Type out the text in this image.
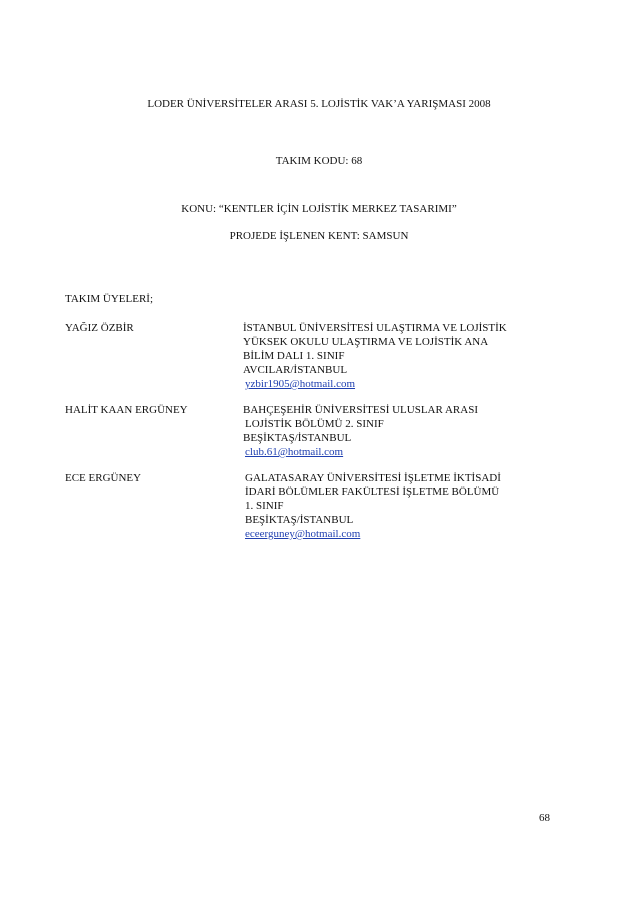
LODER ÜNİVERSİTELER ARASI 5. LOJİSTİK VAK’A YARIŞMASI 2008
TAKIM KODU: 68
KONU: “KENTLER İÇİN LOJİSTİK MERKEZ TASARIMI”
PROJEDE İŞLENEN KENT: SAMSUN
TAKIM ÜYELERİ;
YAĞIZ ÖZBİR	İSTANBUL ÜNİVERSİTESİ ULAŞTIRMA VE LOJİSTİK
YÜKSEK OKULU ULAŞTIRMA VE LOJİSTİK ANA
BİLİM DALI 1. SINIF
AVCILAR/İSTANBUL
yzbir1905@hotmail.com
HALİT KAAN ERGÜNEY	BAHÇEŞEHİR ÜNİVERSİTESİ ULUSLAR ARASI
LOJİSTİK BÖLÜMÜ 2. SINIF
BEŞİKTAŞ/İSTANBUL
club.61@hotmail.com
ECE ERGÜNEY	GALATASARAY ÜNİVERSİTESİ İŞLETME İKTİSADİ
İDARİ BÖLÜMLER FAKÜLTESİ İŞLETME BÖLÜMÜ
1. SINIF
BEŞİKTAŞ/İSTANBUL
eceerguney@hotmail.com
68
